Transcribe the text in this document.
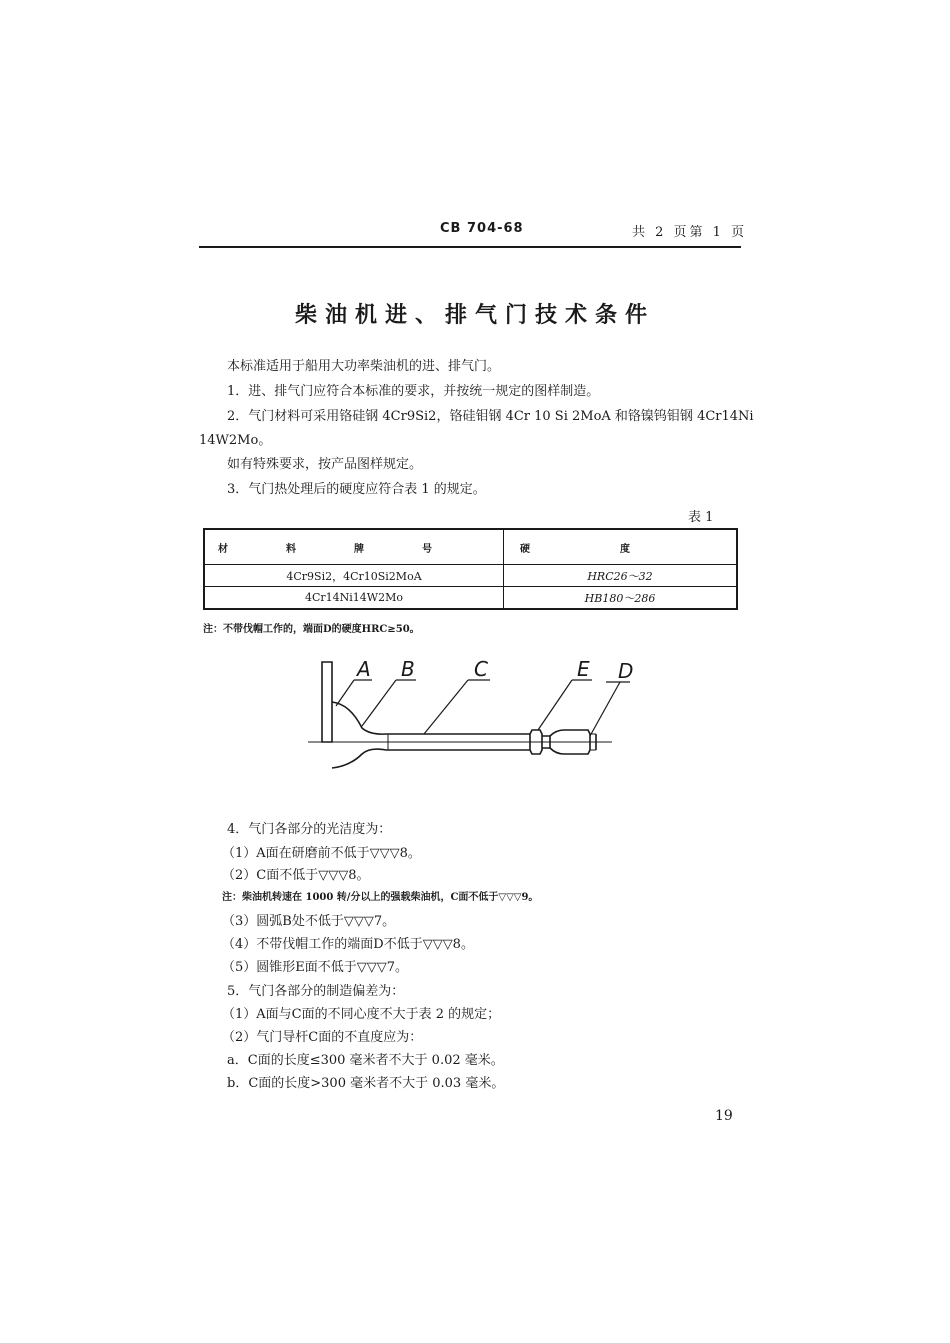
CB 704-68	共 2 页第 1 页
柴油机进、排气门技术条件
本标准适用于船用大功率柴油机的进、排气门。
1．进、排气门应符合本标准的要求，并按统一规定的图样制造。
2．气门材料可采用铬硅钢 4Cr9Si2，铬硅钼钢 4Cr 10 Si 2MoA 和铬镍钨钼钢 4Cr14Ni
14W2Mo。
如有特殊要求，按产品图样规定。
3．气门热处理后的硬度应符合表 1 的规定。
表 1
材料牌号	硬度
4Cr9Si2，4Cr10Si2MoA	HRC26～32
4Cr14Ni14W2Mo	HB180～286
注：不带伐帽工作的，端面D的硬度HRC≥50。
A B	C	E D
4．气门各部分的光洁度为：
（1）A面在研磨前不低于▽▽▽8。
（2）C面不低于▽▽▽8。
注：柴油机转速在 1000 转/分以上的强载柴油机，C面不低于▽▽▽9。
（3）圆弧B处不低于▽▽▽7。
（4）不带伐帽工作的端面D不低于▽▽▽8。
（5）圆锥形E面不低于▽▽▽7。
5．气门各部分的制造偏差为：
（1）A面与C面的不同心度不大于表 2 的规定；
（2）气门导杆C面的不直度应为：
a．C面的长度≤300 毫米者不大于 0.02 毫米。
b．C面的长度>300 毫米者不大于 0.03 毫米。
19
